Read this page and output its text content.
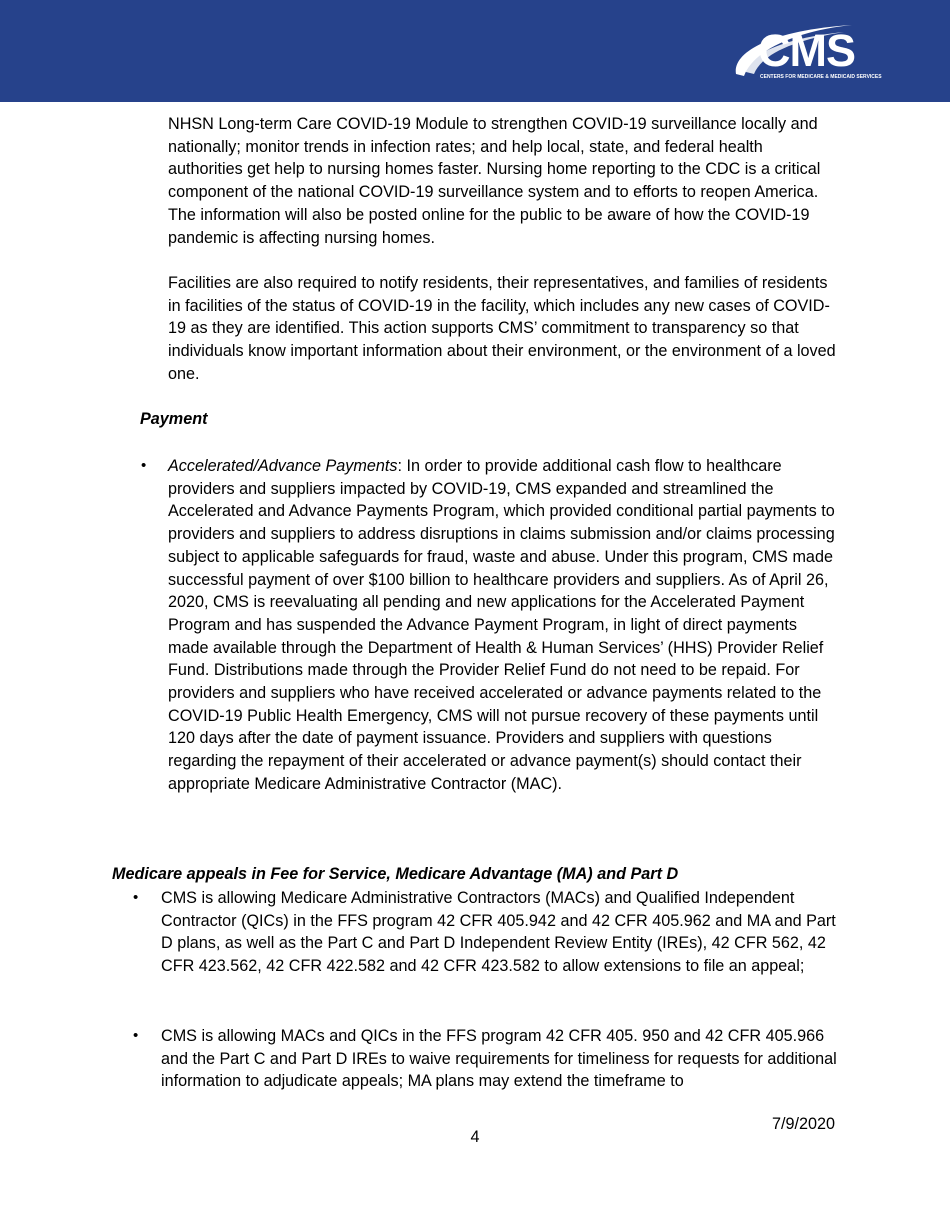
CMS
CENTERS FOR MEDICARE & MEDICAID SERVICES

NHSN Long-term Care COVID-19 Module to strengthen COVID-19 surveillance locally and nationally; monitor trends in infection rates; and help local, state, and federal health authorities get help to nursing homes faster. Nursing home reporting to the CDC is a critical component of the national COVID-19 surveillance system and to efforts to reopen America. The information will also be posted online for the public to be aware of how the COVID-19 pandemic is affecting nursing homes.

Facilities are also required to notify residents, their representatives, and families of residents in facilities of the status of COVID-19 in the facility, which includes any new cases of COVID-19 as they are identified. This action supports CMS’ commitment to transparency so that individuals know important information about their environment, or the environment of a loved one.

Payment

• Accelerated/Advance Payments: In order to provide additional cash flow to healthcare providers and suppliers impacted by COVID-19, CMS expanded and streamlined the Accelerated and Advance Payments Program, which provided conditional partial payments to providers and suppliers to address disruptions in claims submission and/or claims processing subject to applicable safeguards for fraud, waste and abuse. Under this program, CMS made successful payment of over $100 billion to healthcare providers and suppliers. As of April 26, 2020, CMS is reevaluating all pending and new applications for the Accelerated Payment Program and has suspended the Advance Payment Program, in light of direct payments made available through the Department of Health & Human Services’ (HHS) Provider Relief Fund. Distributions made through the Provider Relief Fund do not need to be repaid. For providers and suppliers who have received accelerated or advance payments related to the COVID-19 Public Health Emergency, CMS will not pursue recovery of these payments until 120 days after the date of payment issuance. Providers and suppliers with questions regarding the repayment of their accelerated or advance payment(s) should contact their appropriate Medicare Administrative Contractor (MAC).

Medicare appeals in Fee for Service, Medicare Advantage (MA) and Part D

• CMS is allowing Medicare Administrative Contractors (MACs) and Qualified Independent Contractor (QICs) in the FFS program 42 CFR 405.942 and 42 CFR 405.962 and MA and Part D plans, as well as the Part C and Part D Independent Review Entity (IREs), 42 CFR 562, 42 CFR 423.562, 42 CFR 422.582 and 42 CFR 423.582 to allow extensions to file an appeal;

• CMS is allowing MACs and QICs in the FFS program 42 CFR 405. 950 and 42 CFR 405.966 and the Part C and Part D IREs to waive requirements for timeliness for requests for additional information to adjudicate appeals; MA plans may extend the timeframe to

7/9/2020
4
